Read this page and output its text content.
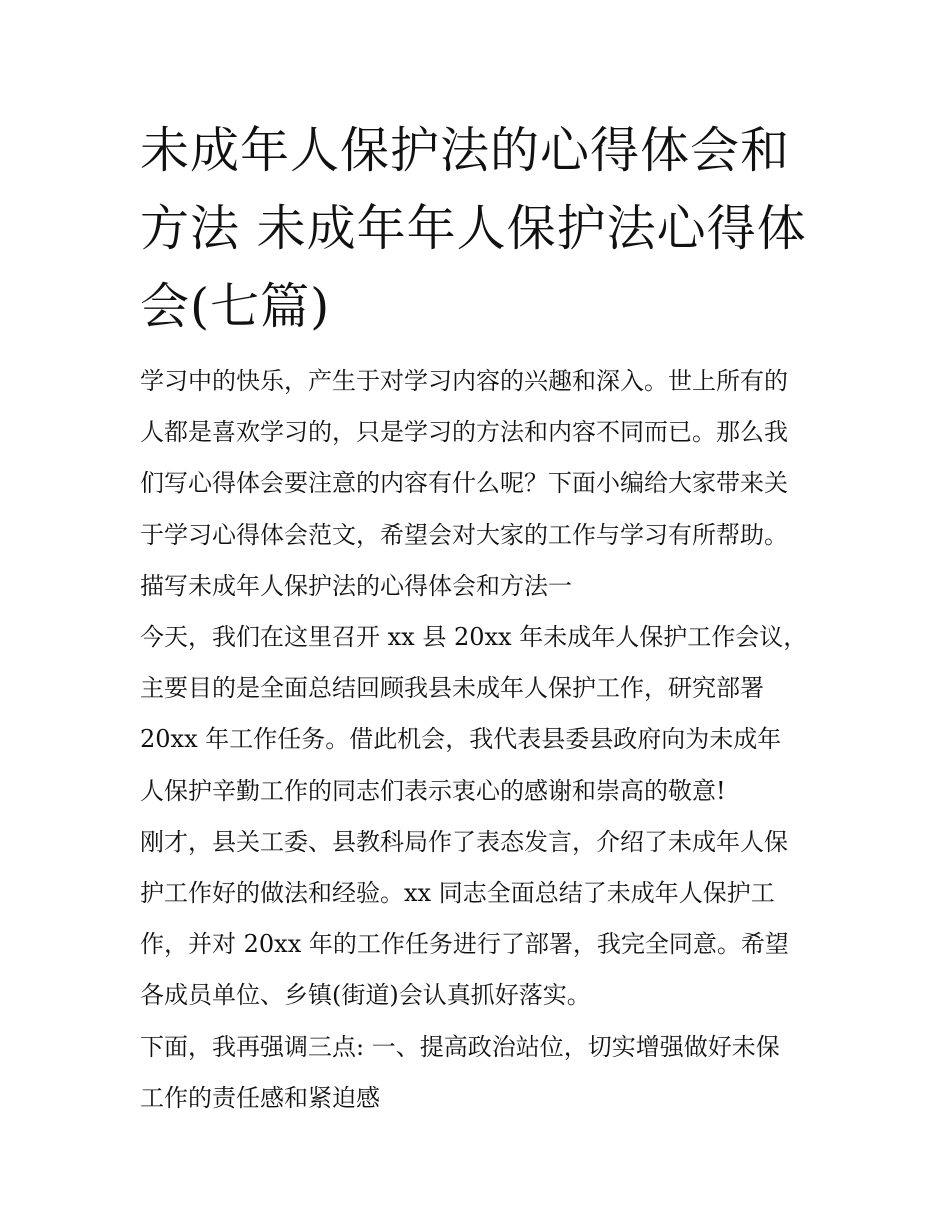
未成年人保护法的心得体会和
方法 未成年年人保护法心得体
会(七篇)
学习中的快乐，产生于对学习内容的兴趣和深入。世上所有的
人都是喜欢学习的，只是学习的方法和内容不同而已。那么我
们写心得体会要注意的内容有什么呢？下面小编给大家带来关
于学习心得体会范文，希望会对大家的工作与学习有所帮助。
描写未成年人保护法的心得体会和方法一
今天，我们在这里召开 xx 县 20xx 年未成年人保护工作会议，
主要目的是全面总结回顾我县未成年人保护工作，研究部署
20xx 年工作任务。借此机会，我代表县委县政府向为未成年
人保护辛勤工作的同志们表示衷心的感谢和崇高的敬意!
刚才，县关工委、县教科局作了表态发言，介绍了未成年人保
护工作好的做法和经验。xx 同志全面总结了未成年人保护工
作，并对 20xx 年的工作任务进行了部署，我完全同意。希望
各成员单位、乡镇(街道)会认真抓好落实。
下面，我再强调三点: 一、提高政治站位，切实增强做好未保
工作的责任感和紧迫感
